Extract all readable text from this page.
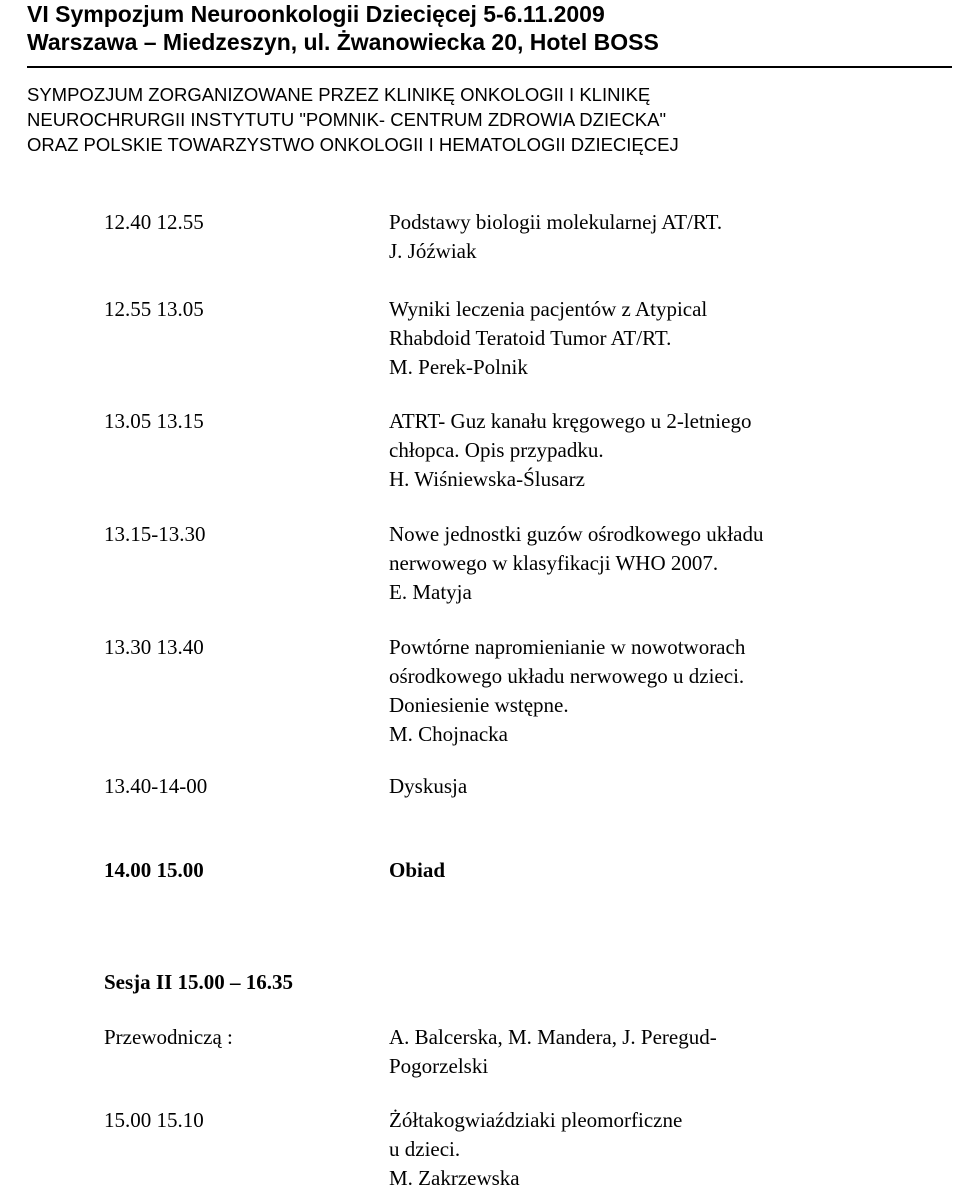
VI Sympozjum Neuroonkologii Dziecięcej 5-6.11.2009
Warszawa – Miedzeszyn, ul. Żwanowiecka 20, Hotel BOSS
SYMPOZJUM ZORGANIZOWANE PRZEZ KLINIKĘ ONKOLOGII I KLINIKĘ
NEUROCHRURGII INSTYTUTU "POMNIK- CENTRUM ZDROWIA DZIECKA"
ORAZ POLSKIE TOWARZYSTWO ONKOLOGII I HEMATOLOGII DZIECIĘCEJ
12.40 12.55	Podstawy biologii molekularnej AT/RT.
J. Jóźwiak
12.55 13.05	Wyniki leczenia pacjentów z Atypical
Rhabdoid Teratoid Tumor AT/RT.
M. Perek-Polnik
13.05 13.15	ATRT- Guz kanału kręgowego u 2-letniego
chłopca. Opis przypadku.
H. Wiśniewska-Ślusarz
13.15-13.30	Nowe jednostki guzów ośrodkowego układu
nerwowego w klasyfikacji WHO 2007.
E. Matyja
13.30 13.40	Powtórne napromienianie w nowotworach
ośrodkowego układu nerwowego u dzieci.
Doniesienie wstępne.
M. Chojnacka
13.40-14-00	Dyskusja
14.00 15.00	Obiad
Sesja II 15.00 – 16.35
Przewodniczą :	A. Balcerska, M. Mandera, J. Peregud-
Pogorzelski
15.00 15.10	Żółtakogwiaździaki pleomorficzne
u dzieci.
M. Zakrzewska
